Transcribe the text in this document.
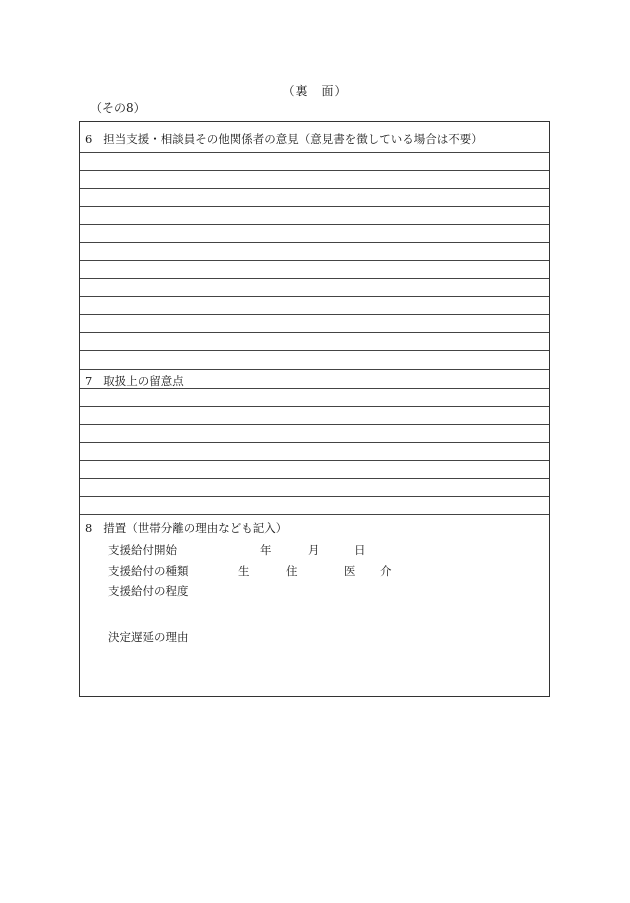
（裏　面）
（その8）
6 担当支援・相談員その他関係者の意見（意見書を徴している場合は不要）
7 取扱上の留意点
8 措置（世帯分離の理由なども記入）
支援給付開始	年	月	日
支援給付の種類	生	住	医 介
支援給付の程度
決定遅延の理由
